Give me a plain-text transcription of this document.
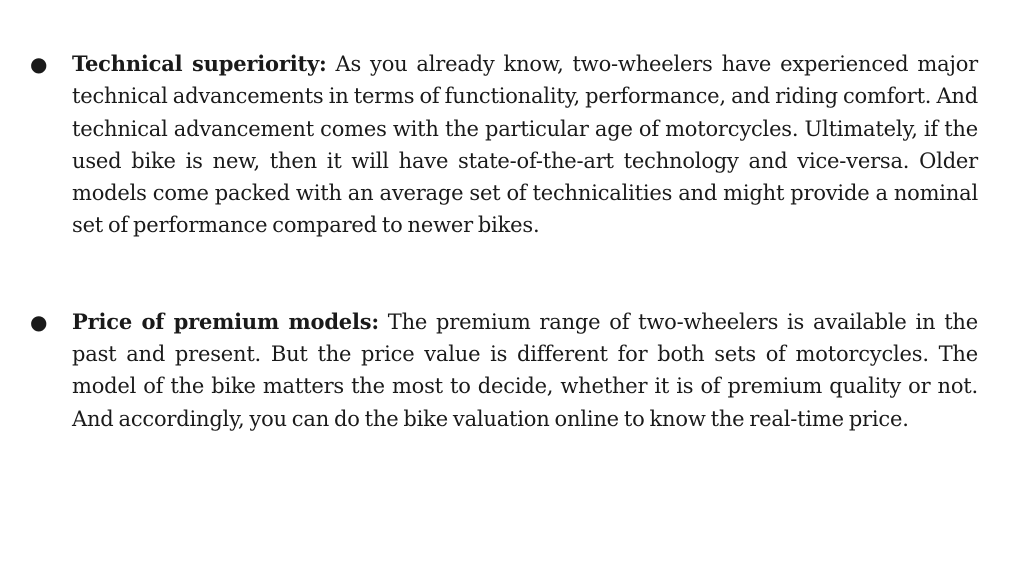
●	Technical superiority: As you already know, two-wheelers have experienced major technical advancements in terms of functionality, performance, and riding comfort. And technical advancement comes with the particular age of motorcycles. Ultimately, if the used bike is new, then it will have state-of-the-art technology and vice-versa. Older models come packed with an average set of technicalities and might provide a nominal set of performance compared to newer bikes.

●	Price of premium models: The premium range of two-wheelers is available in the past and present. But the price value is different for both sets of motorcycles. The model of the bike matters the most to decide, whether it is of premium quality or not. And accordingly, you can do the bike valuation online to know the real-time price.
